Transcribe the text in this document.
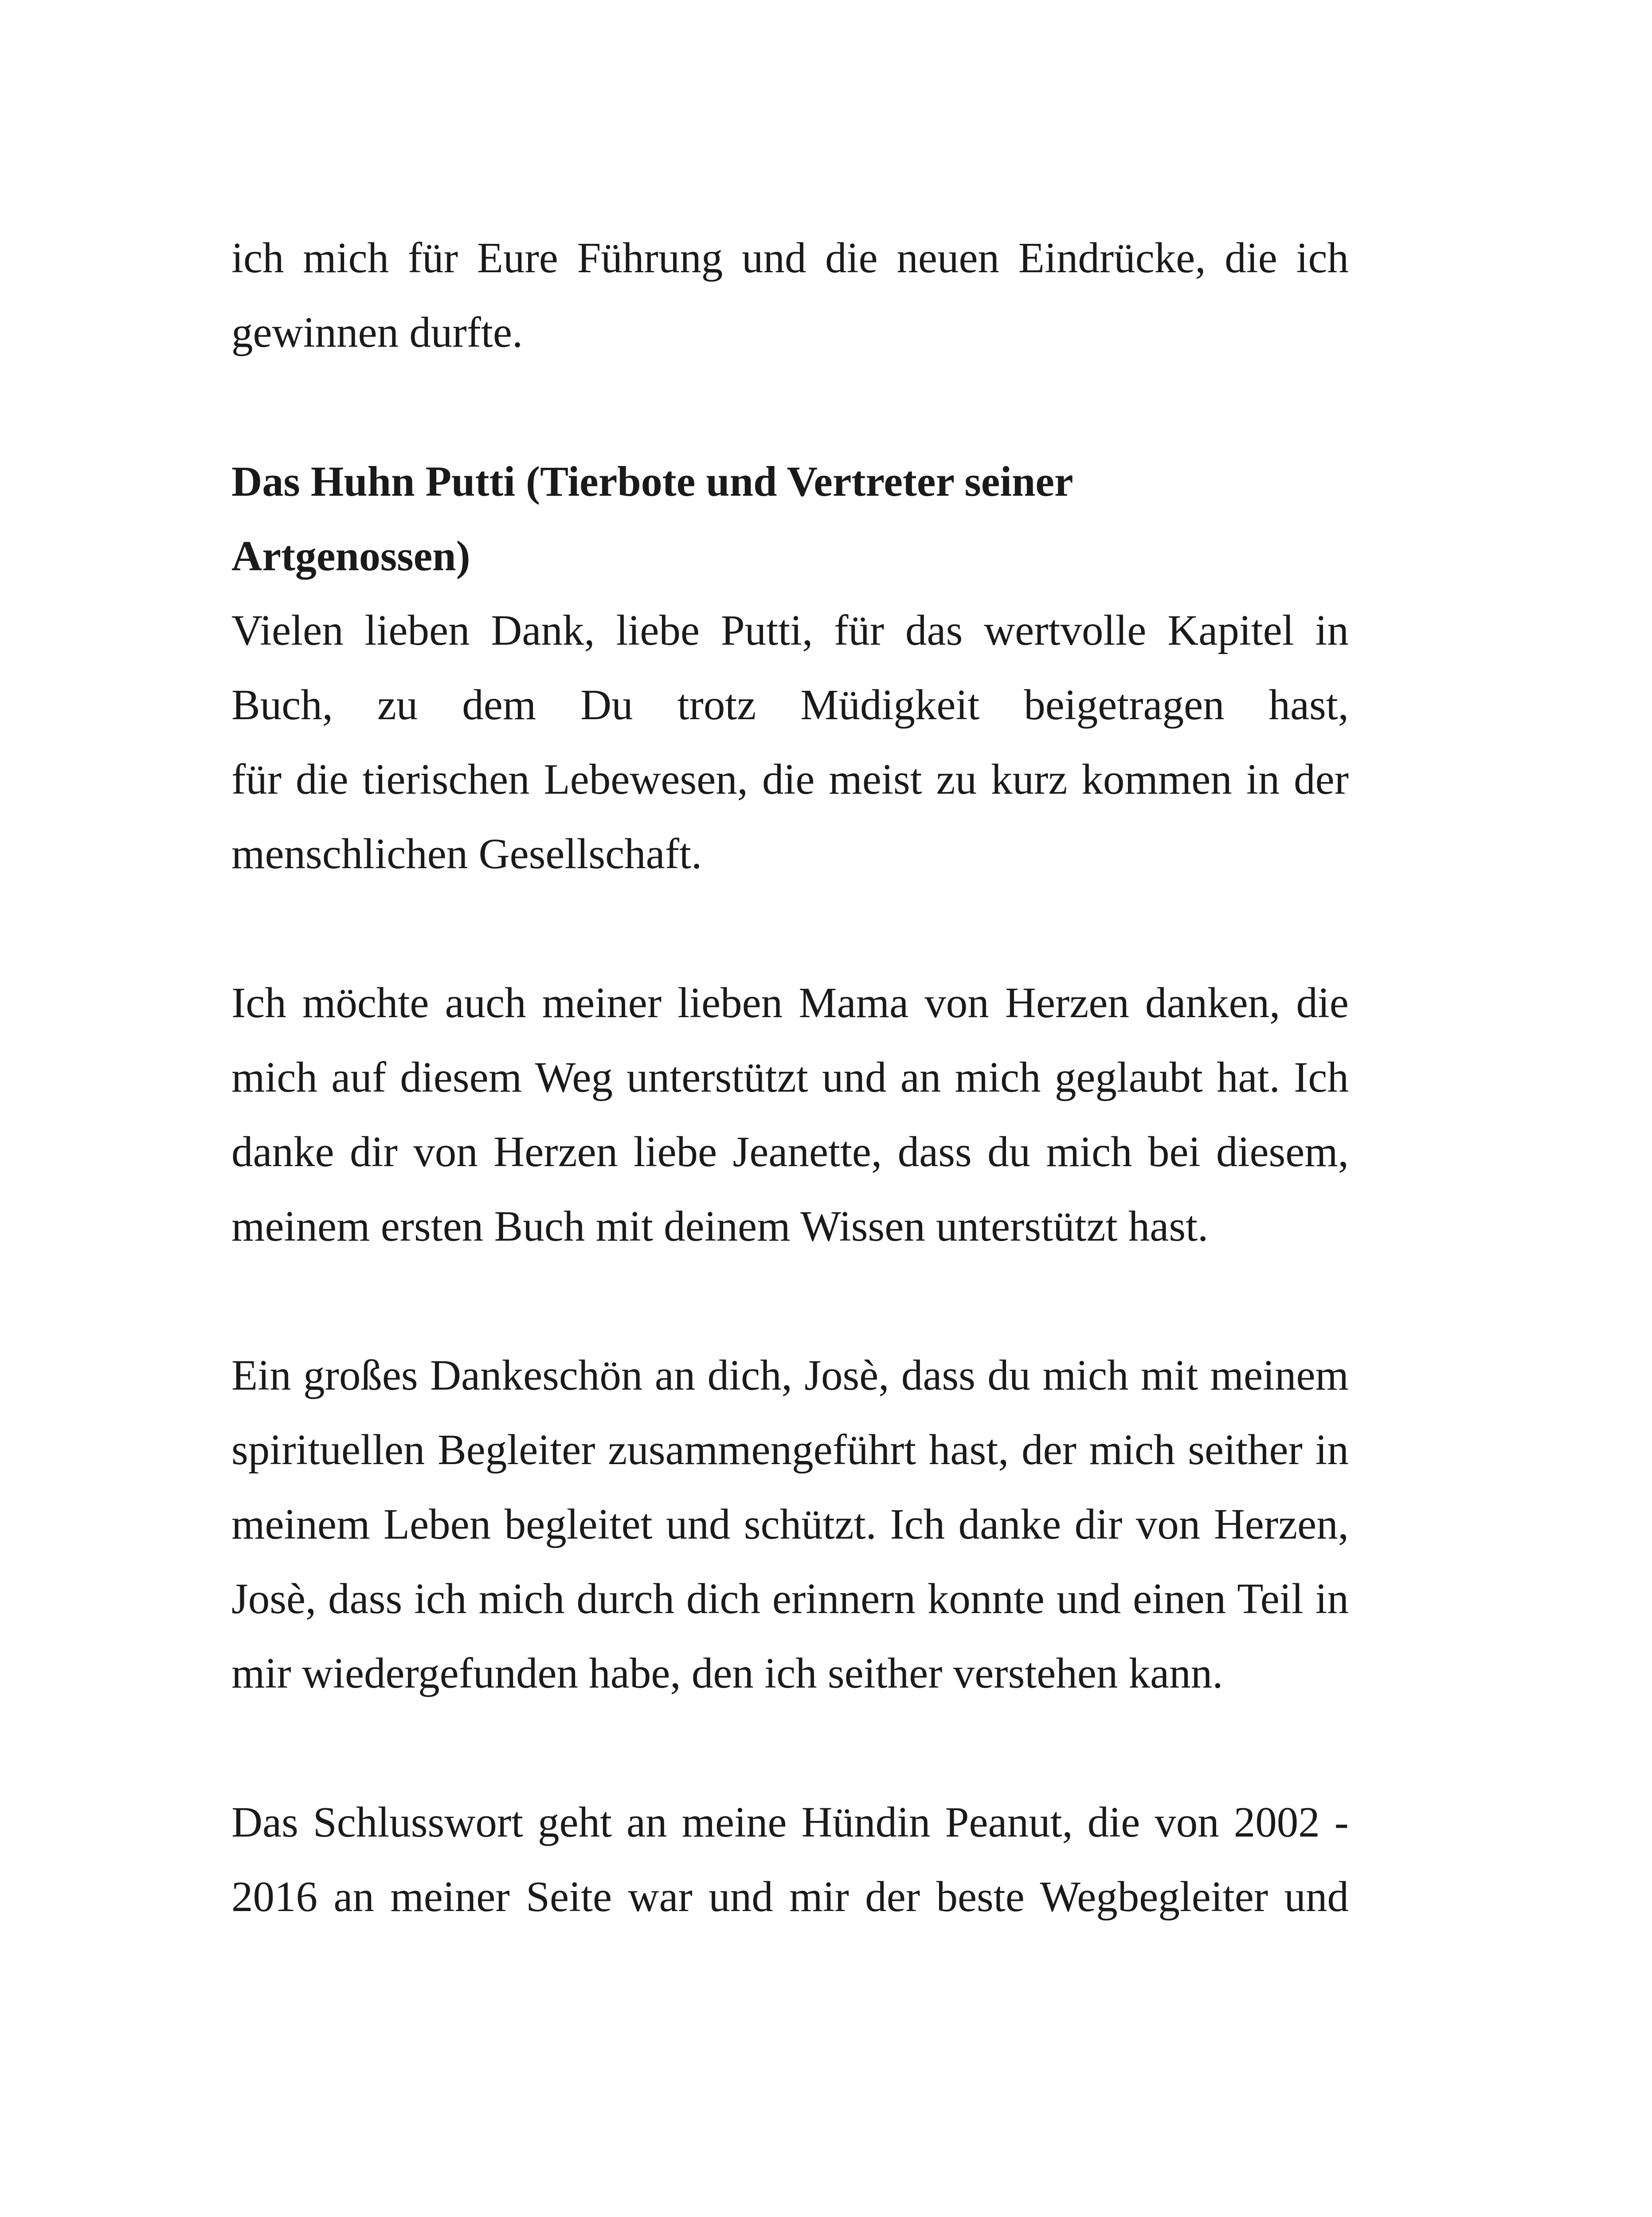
ich mich für Eure Führung und die neuen Eindrücke, die ich
gewinnen durfte.
Das Huhn Putti (Tierbote und Vertreter seiner
Artgenossen)
Vielen lieben Dank, liebe Putti, für das wertvolle Kapitel in
Buch, zu dem Du trotz Müdigkeit beigetragen hast,
für die tierischen Lebewesen, die meist zu kurz kommen in der
menschlichen Gesellschaft.
Ich möchte auch meiner lieben Mama von Herzen danken, die
mich auf diesem Weg unterstützt und an mich geglaubt hat. Ich
danke dir von Herzen liebe Jeanette, dass du mich bei diesem,
meinem ersten Buch mit deinem Wissen unterstützt hast.
Ein großes Dankeschön an dich, Josè, dass du mich mit meinem
spirituellen Begleiter zusammengeführt hast, der mich seither in
meinem Leben begleitet und schützt. Ich danke dir von Herzen,
Josè, dass ich mich durch dich erinnern konnte und einen Teil in
mir wiedergefunden habe, den ich seither verstehen kann.
Das Schlusswort geht an meine Hündin Peanut, die von 2002 -
2016 an meiner Seite war und mir der beste Wegbegleiter und
